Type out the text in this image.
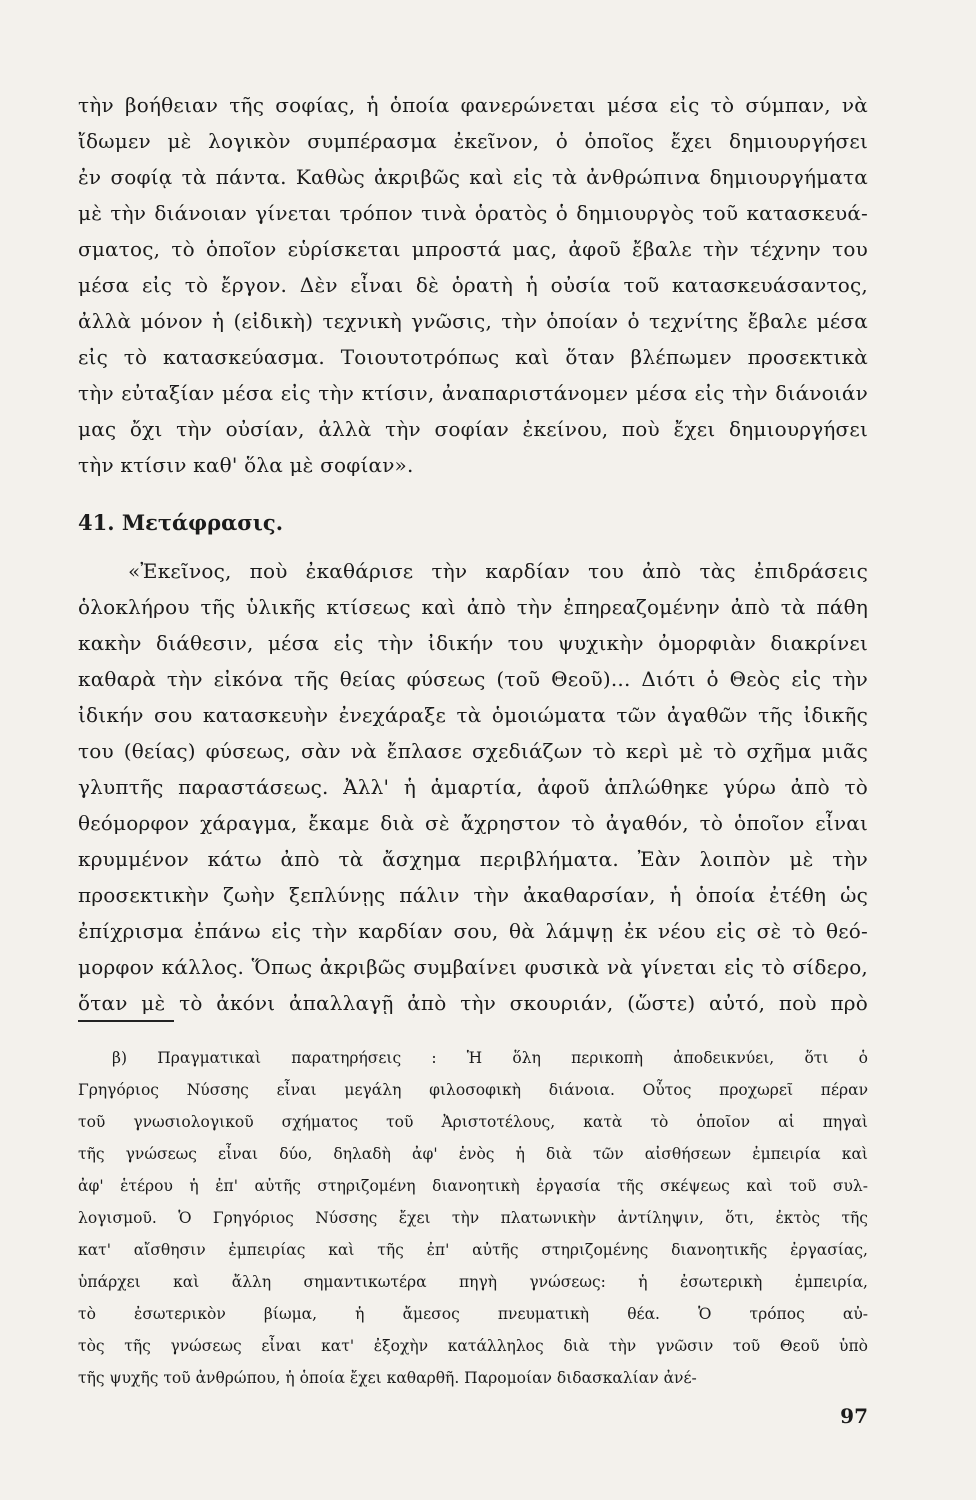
τὴν βοήθειαν τῆς σοφίας, ἡ ὁποία φανερώνεται μέσα εἰς τὸ σύμπαν, νὰ
ἴδωμεν μὲ λογικὸν συμπέρασμα ἐκεῖνον, ὁ ὁποῖος ἔχει δημιουργήσει
ἐν σοφίᾳ τὰ πάντα. Καθὼς ἀκριβῶς καὶ εἰς τὰ ἀνθρώπινα δημιουργήματα
μὲ τὴν διάνοιαν γίνεται τρόπον τινὰ ὁρατὸς ὁ δημιουργὸς τοῦ κατασκευά-
σματος, τὸ ὁποῖον εὑρίσκεται μπροστά μας, ἀφοῦ ἔβαλε τὴν τέχνην του
μέσα εἰς τὸ ἔργον. Δὲν εἶναι δὲ ὁρατὴ ἡ οὐσία τοῦ κατασκευάσαντος,
ἀλλὰ μόνον ἡ (εἰδικὴ) τεχνικὴ γνῶσις, τὴν ὁποίαν ὁ τεχνίτης ἔβαλε μέσα
εἰς τὸ κατασκεύασμα. Τοιουτοτρόπως καὶ ὅταν βλέπωμεν προσεκτικὰ
τὴν εὐταξίαν μέσα εἰς τὴν κτίσιν, ἀναπαριστάνομεν μέσα εἰς τὴν διάνοιάν
μας ὄχι τὴν οὐσίαν, ἀλλὰ τὴν σοφίαν ἐκείνου, ποὺ ἔχει δημιουργήσει
τὴν κτίσιν καθ' ὅλα μὲ σοφίαν».
41. Μετάφρασις.
«Ἐκεῖνος, ποὺ ἐκαθάρισε τὴν καρδίαν του ἀπὸ τὰς ἐπιδράσεις
ὁλοκλήρου τῆς ὑλικῆς κτίσεως καὶ ἀπὸ τὴν ἐπηρεαζομένην ἀπὸ τὰ πάθη
κακὴν διάθεσιν, μέσα εἰς τὴν ἰδικήν του ψυχικὴν ὀμορφιὰν διακρίνει
καθαρὰ τὴν εἰκόνα τῆς θείας φύσεως (τοῦ Θεοῦ)... Διότι ὁ Θεὸς εἰς τὴν
ἰδικήν σου κατασκευὴν ἐνεχάραξε τὰ ὁμοιώματα τῶν ἀγαθῶν τῆς ἰδικῆς
του (θείας) φύσεως, σὰν νὰ ἔπλασε σχεδιάζων τὸ κερὶ μὲ τὸ σχῆμα μιᾶς
γλυπτῆς παραστάσεως. Ἀλλ' ἡ ἁμαρτία, ἀφοῦ ἁπλώθηκε γύρω ἀπὸ τὸ
θεόμορφον χάραγμα, ἔκαμε διὰ σὲ ἄχρηστον τὸ ἀγαθόν, τὸ ὁποῖον εἶναι
κρυμμένον κάτω ἀπὸ τὰ ἄσχημα περιβλήματα. Ἐὰν λοιπὸν μὲ τὴν
προσεκτικὴν ζωὴν ξεπλύνῃς πάλιν τὴν ἀκαθαρσίαν, ἡ ὁποία ἐτέθη ὡς
ἐπίχρισμα ἐπάνω εἰς τὴν καρδίαν σου, θὰ λάμψῃ ἐκ νέου εἰς σὲ τὸ θεό-
μορφον κάλλος. Ὅπως ἀκριβῶς συμβαίνει φυσικὰ νὰ γίνεται εἰς τὸ σίδερο,
ὅταν μὲ τὸ ἀκόνι ἀπαλλαγῇ ἀπὸ τὴν σκουριάν, (ὥστε) αὐτό, ποὺ πρὸ
β) Πραγματικαὶ παρατηρήσεις : Ἡ ὅλη περικοπὴ ἀποδεικνύει, ὅτι ὁ
Γρηγόριος Νύσσης εἶναι μεγάλη φιλοσοφικὴ διάνοια. Οὗτος προχωρεῖ πέραν
τοῦ γνωσιολογικοῦ σχήματος τοῦ Ἀριστοτέλους, κατὰ τὸ ὁποῖον αἱ πηγαὶ
τῆς γνώσεως εἶναι δύο, δηλαδὴ ἀφ' ἑνὸς ἡ διὰ τῶν αἰσθήσεων ἐμπειρία καὶ
ἀφ' ἑτέρου ἡ ἐπ' αὐτῆς στηριζομένη διανοητικὴ ἐργασία τῆς σκέψεως καὶ τοῦ συλ-
λογισμοῦ. Ὁ Γρηγόριος Νύσσης ἔχει τὴν πλατωνικὴν ἀντίληψιν, ὅτι, ἐκτὸς τῆς
κατ' αἴσθησιν ἐμπειρίας καὶ τῆς ἐπ' αὐτῆς στηριζομένης διανοητικῆς ἐργασίας,
ὑπάρχει καὶ ἄλλη σημαντικωτέρα πηγὴ γνώσεως: ἡ ἐσωτερικὴ ἐμπειρία,
τὸ ἐσωτερικὸν βίωμα, ἡ ἄμεσος πνευματικὴ θέα. Ὁ τρόπος αὐ-
τὸς τῆς γνώσεως εἶναι κατ' ἐξοχὴν κατάλληλος διὰ τὴν γνῶσιν τοῦ Θεοῦ ὑπὸ
τῆς ψυχῆς τοῦ ἀνθρώπου, ἡ ὁποία ἔχει καθαρθῆ. Παρομοίαν διδασκαλίαν ἀνέ-
97
